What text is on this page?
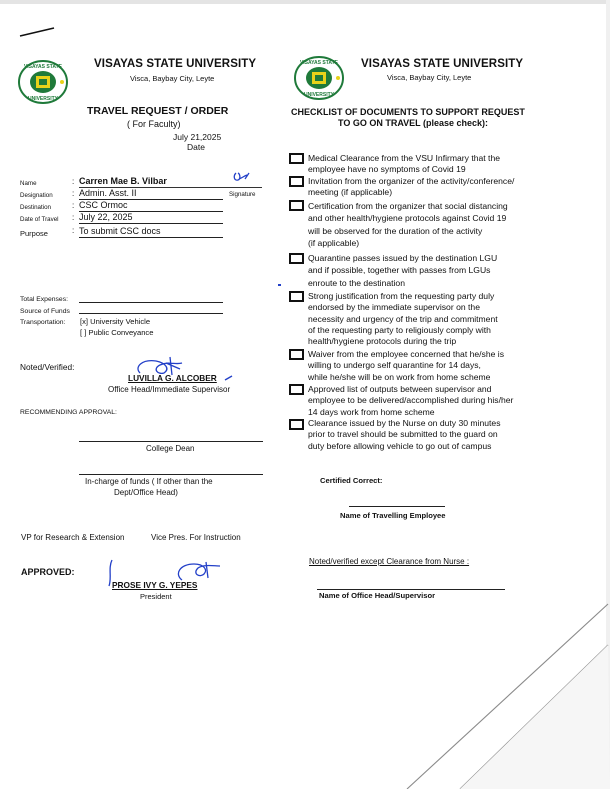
VISAYAS STATE
UNIVERSITY
VISAYAS STATE UNIVERSITY
Visca, Baybay City, Leyte
TRAVEL REQUEST / ORDER
( For Faculty)
July 21,2025
Date
Name	: Carren Mae B. Vilbar
Designation : Admin. Asst. II
Destination	: CSC Ormoc
Date of Travel : July 22, 2025
Purpose	: To submit CSC docs
Signature
Total Expenses:
Source of Funds
Transportation: [x] University Vehicle
[ ] Public Conveyance
Noted/Verified:
LUVILLA G. ALCOBER
Office Head/Immediate Supervisor
RECOMMENDING APPROVAL:
College Dean
In-charge of funds ( If other than the
Dept/Office Head)
VP for Research & Extension	Vice Pres. For Instruction
APPROVED:
PROSE IVY G. YEPES
President
VISAYAS STATE
UNIVERSITY
VISAYAS STATE UNIVERSITY
Visca, Baybay City, Leyte
CHECKLIST OF DOCUMENTS TO SUPPORT REQUEST
TO GO ON TRAVEL (please check):
Medical Clearance from the VSU Infirmary that the
employee have no symptoms of Covid 19
Invitation from the organizer of the activity/conference/
meeting (if applicable)
Certification from the organizer that social distancing
and other health/hygiene protocols against Covid 19
will be observed for the duration of the activity
(if applicable)
Quarantine passes issued by the destination LGU
and if possible, together with passes from LGUs
enroute to the destination
Strong justification from the requesting party duly
endorsed by the immediate supervisor on the
necessity and urgency of the trip and commitment
of the requesting party to religiously comply with
health/hygiene protocols during the trip
Waiver from the employee concerned that he/she is
willing to undergo self quarantine for 14 days,
while he/she will be on work from home scheme
Approved list of outputs between supervisor and
employee to be delivered/accomplished during his/her
14 days work from home scheme
Clearance issued by the Nurse on duty 30 minutes
prior to travel should be submitted to the guard on
duty before allowing vehicle to go out of campus
Certified Correct:
Name of Travelling Employee
Noted/verified except Clearance from Nurse :
Name of Office Head/Supervisor
